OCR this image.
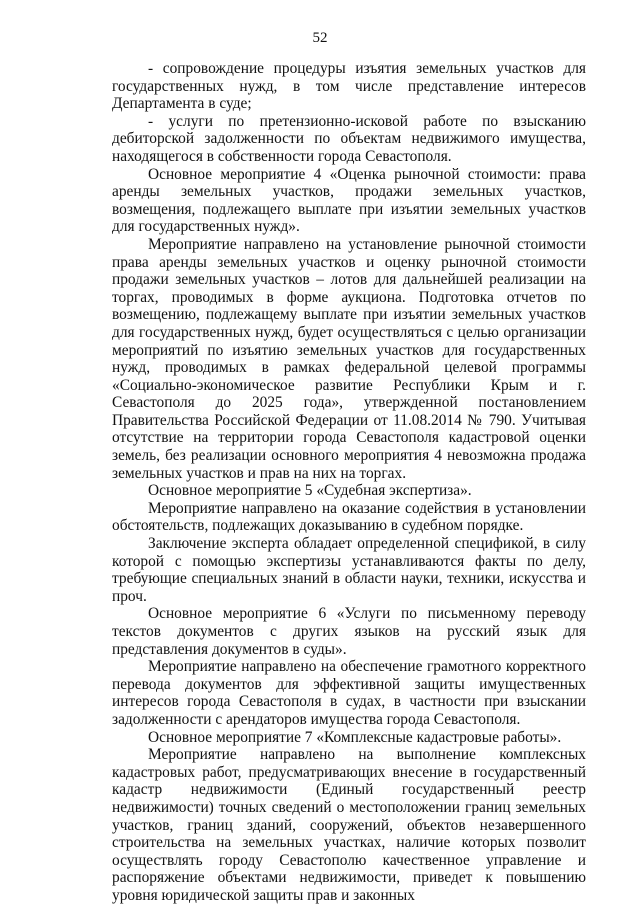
52

- сопровождение процедуры изъятия земельных участков для государственных нужд, в том числе представление интересов Департамента в суде;

- услуги по претензионно-исковой работе по взысканию дебиторской задолженности по объектам недвижимого имущества, находящегося в собственности города Севастополя.

Основное мероприятие 4 «Оценка рыночной стоимости: права аренды земельных участков, продажи земельных участков, возмещения, подлежащего выплате при изъятии земельных участков для государственных нужд».

Мероприятие направлено на установление рыночной стоимости права аренды земельных участков и оценку рыночной стоимости продажи земельных участков – лотов для дальнейшей реализации на торгах, проводимых в форме аукциона. Подготовка отчетов по возмещению, подлежащему выплате при изъятии земельных участков для государственных нужд, будет осуществляться с целью организации мероприятий по изъятию земельных участков для государственных нужд, проводимых в рамках федеральной целевой программы «Социально-экономическое развитие Республики Крым и г. Севастополя до 2025 года», утвержденной постановлением Правительства Российской Федерации от 11.08.2014 № 790. Учитывая отсутствие на территории города Севастополя кадастровой оценки земель, без реализации основного мероприятия 4 невозможна продажа земельных участков и прав на них на торгах.

Основное мероприятие 5 «Судебная экспертиза».

Мероприятие направлено на оказание содействия в установлении обстоятельств, подлежащих доказыванию в судебном порядке.

Заключение эксперта обладает определенной спецификой, в силу которой с помощью экспертизы устанавливаются факты по делу, требующие специальных знаний в области науки, техники, искусства и проч.

Основное мероприятие 6 «Услуги по письменному переводу текстов документов с других языков на русский язык для представления документов в суды».

Мероприятие направлено на обеспечение грамотного корректного перевода документов для эффективной защиты имущественных интересов города Севастополя в судах, в частности при взыскании задолженности с арендаторов имущества города Севастополя.

Основное мероприятие 7 «Комплексные кадастровые работы».

Мероприятие направлено на выполнение комплексных кадастровых работ, предусматривающих внесение в государственный кадастр недвижимости (Единый государственный реестр недвижимости) точных сведений о местоположении границ земельных участков, границ зданий, сооружений, объектов незавершенного строительства на земельных участках, наличие которых позволит осуществлять городу Севастополю качественное управление и распоряжение объектами недвижимости, приведет к повышению уровня юридической защиты прав и законных
